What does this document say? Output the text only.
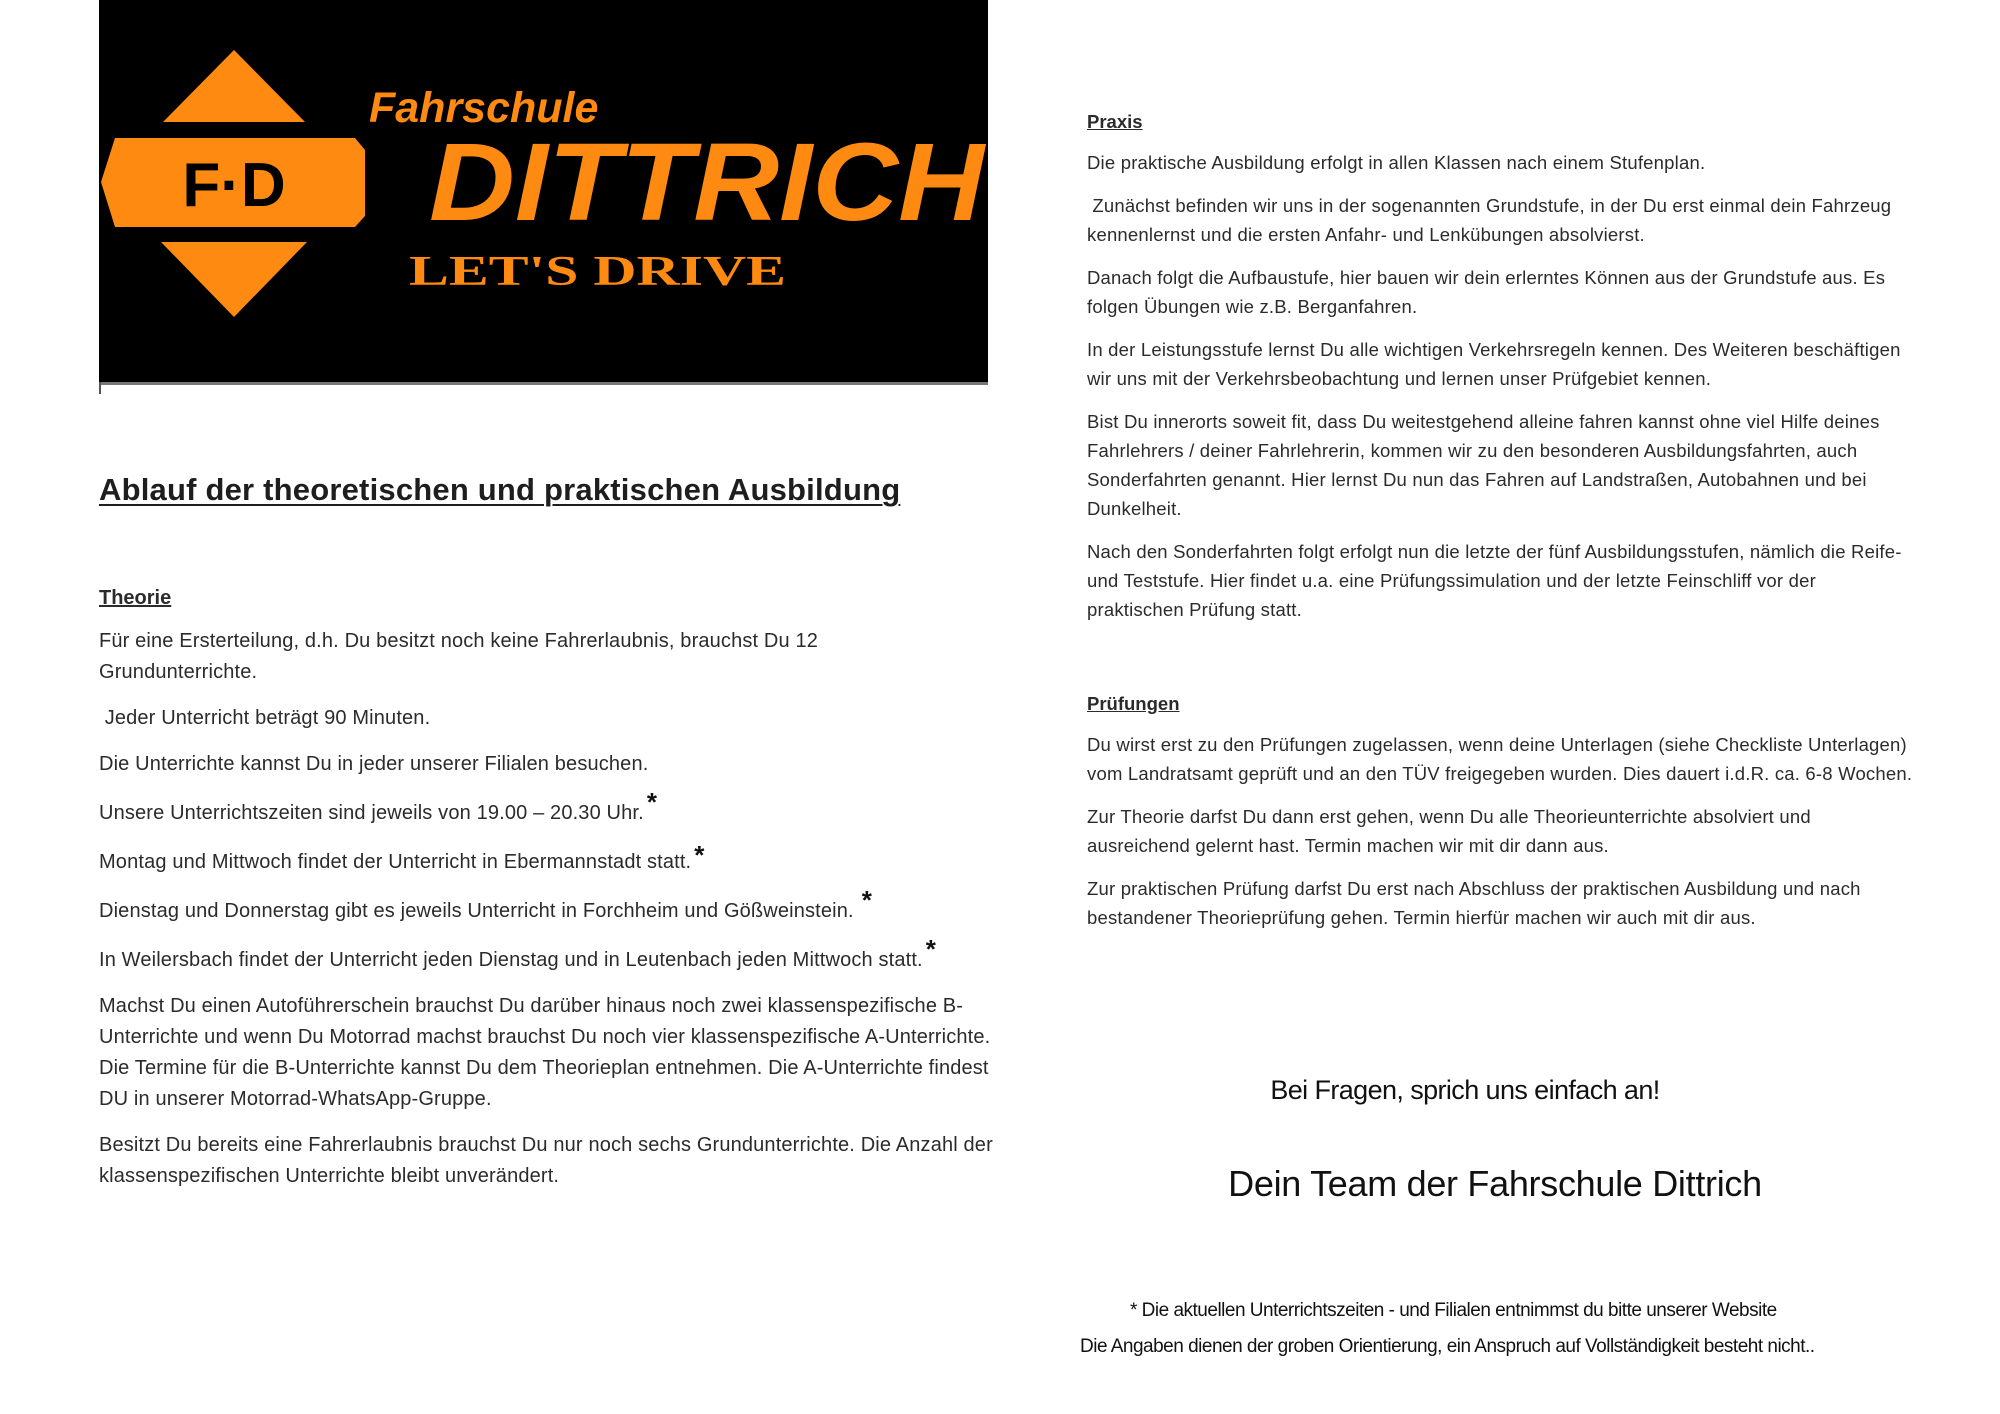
F·D
Fahrschule
DITTRICH
LET'S DRIVE
Ablauf der theoretischen und praktischen Ausbildung
Theorie

Für eine Ersterteilung, d.h. Du besitzt noch keine Fahrerlaubnis, brauchst Du 12 Grundunterrichte.

Jeder Unterricht beträgt 90 Minuten.

Die Unterrichte kannst Du in jeder unserer Filialen besuchen.

Unsere Unterrichtszeiten sind jeweils von 19.00 – 20.30 Uhr. *

Montag und Mittwoch findet der Unterricht in Ebermannstadt statt. *

Dienstag und Donnerstag gibt es jeweils Unterricht in Forchheim und Gößweinstein. *

In Weilersbach findet der Unterricht jeden Dienstag und in Leutenbach jeden Mittwoch statt. *

Machst Du einen Autoführerschein brauchst Du darüber hinaus noch zwei klassenspezifische B-Unterrichte und wenn Du Motorrad machst brauchst Du noch vier klassenspezifische A-Unterrichte. Die Termine für die B-Unterrichte kannst Du dem Theorieplan entnehmen. Die A-Unterrichte findest DU in unserer Motorrad-WhatsApp-Gruppe.

Besitzt Du bereits eine Fahrerlaubnis brauchst Du nur noch sechs Grundunterrichte. Die Anzahl der klassenspezifischen Unterrichte bleibt unverändert.

Praxis

Die praktische Ausbildung erfolgt in allen Klassen nach einem Stufenplan.

Zunächst befinden wir uns in der sogenannten Grundstufe, in der Du erst einmal dein Fahrzeug kennenlernst und die ersten Anfahr- und Lenkübungen absolvierst.

Danach folgt die Aufbaustufe, hier bauen wir dein erlerntes Können aus der Grundstufe aus. Es folgen Übungen wie z.B. Berganfahren.

In der Leistungsstufe lernst Du alle wichtigen Verkehrsregeln kennen. Des Weiteren beschäftigen wir uns mit der Verkehrsbeobachtung und lernen unser Prüfgebiet kennen.

Bist Du innerorts soweit fit, dass Du weitestgehend alleine fahren kannst ohne viel Hilfe deines Fahrlehrers / deiner Fahrlehrerin, kommen wir zu den besonderen Ausbildungsfahrten, auch Sonderfahrten genannt. Hier lernst Du nun das Fahren auf Landstraßen, Autobahnen und bei Dunkelheit.

Nach den Sonderfahrten folgt erfolgt nun die letzte der fünf Ausbildungsstufen, nämlich die Reife- und Teststufe. Hier findet u.a. eine Prüfungssimulation und der letzte Feinschliff vor der praktischen Prüfung statt.

Prüfungen

Du wirst erst zu den Prüfungen zugelassen, wenn deine Unterlagen (siehe Checkliste Unterlagen) vom Landratsamt geprüft und an den TÜV freigegeben wurden. Dies dauert i.d.R. ca. 6-8 Wochen.

Zur Theorie darfst Du dann erst gehen, wenn Du alle Theorieunterrichte absolviert und ausreichend gelernt hast. Termin machen wir mit dir dann aus.

Zur praktischen Prüfung darfst Du erst nach Abschluss der praktischen Ausbildung und nach bestandener Theorieprüfung gehen. Termin hierfür machen wir auch mit dir aus.

Bei Fragen, sprich uns einfach an!
Dein Team der Fahrschule Dittrich
* Die aktuellen Unterrichtszeiten - und Filialen entnimmst du bitte unserer Website
Die Angaben dienen der groben Orientierung, ein Anspruch auf Vollständigkeit besteht nicht..
